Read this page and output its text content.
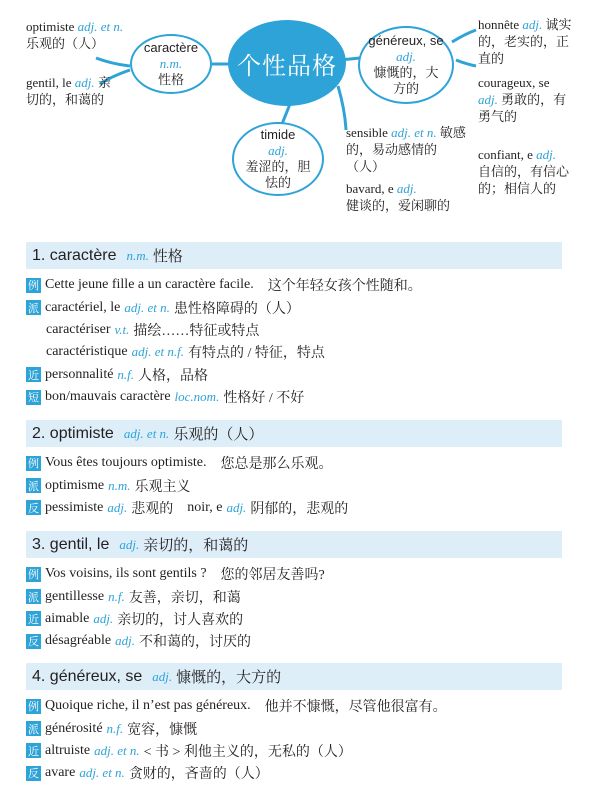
optimiste adj. et n.
乐观的（人）
gentil, le adj. 亲切的，和蔼的
caractère
n.m.
性格 个性品格
timide
adj.
羞涩的，胆怯的
généreux, se
adj.
慷慨的，大方的
sensible adj. et n. 敏感的，易动感情的（人）
bavard, e adj.
健谈的，爱闲聊的
honnête adj. 诚实的，老实的，正直的
courageux, se adj. 勇敢的，有勇气的
confiant, e adj. 自信的，有信心的；相信人的
1. caractère n.m. 性格
例 Cette jeune fille a un caractère facile. 这个年轻女孩个性随和。
派 caractériel, le adj. et n. 患性格障碍的（人）
caractériser v.t. 描绘……特征或特点
caractéristique adj. et n.f. 有特点的 / 特征，特点
近 personnalité n.f. 人格，品格
短 bon/mauvais caractère loc.nom. 性格好 / 不好
2. optimiste adj. et n. 乐观的（人）
例 Vous êtes toujours optimiste. 您总是那么乐观。
派 optimisme n.m. 乐观主义
反 pessimiste adj. 悲观的 noir, e adj. 阴郁的，悲观的
3. gentil, le adj. 亲切的，和蔼的
例 Vos voisins, ils sont gentils ? 您的邻居友善吗?
派 gentillesse n.f. 友善，亲切，和蔼
近 aimable adj. 亲切的，讨人喜欢的
反 désagréable adj. 不和蔼的，讨厌的
4. généreux, se adj. 慷慨的，大方的
例 Quoique riche, il n’est pas généreux. 他并不慷慨，尽管他很富有。
派 générosité n.f. 宽容，慷慨
近 altruiste adj. et n. < 书 > 利他主义的，无私的（人）
反 avare adj. et n. 贪财的，吝啬的（人）
